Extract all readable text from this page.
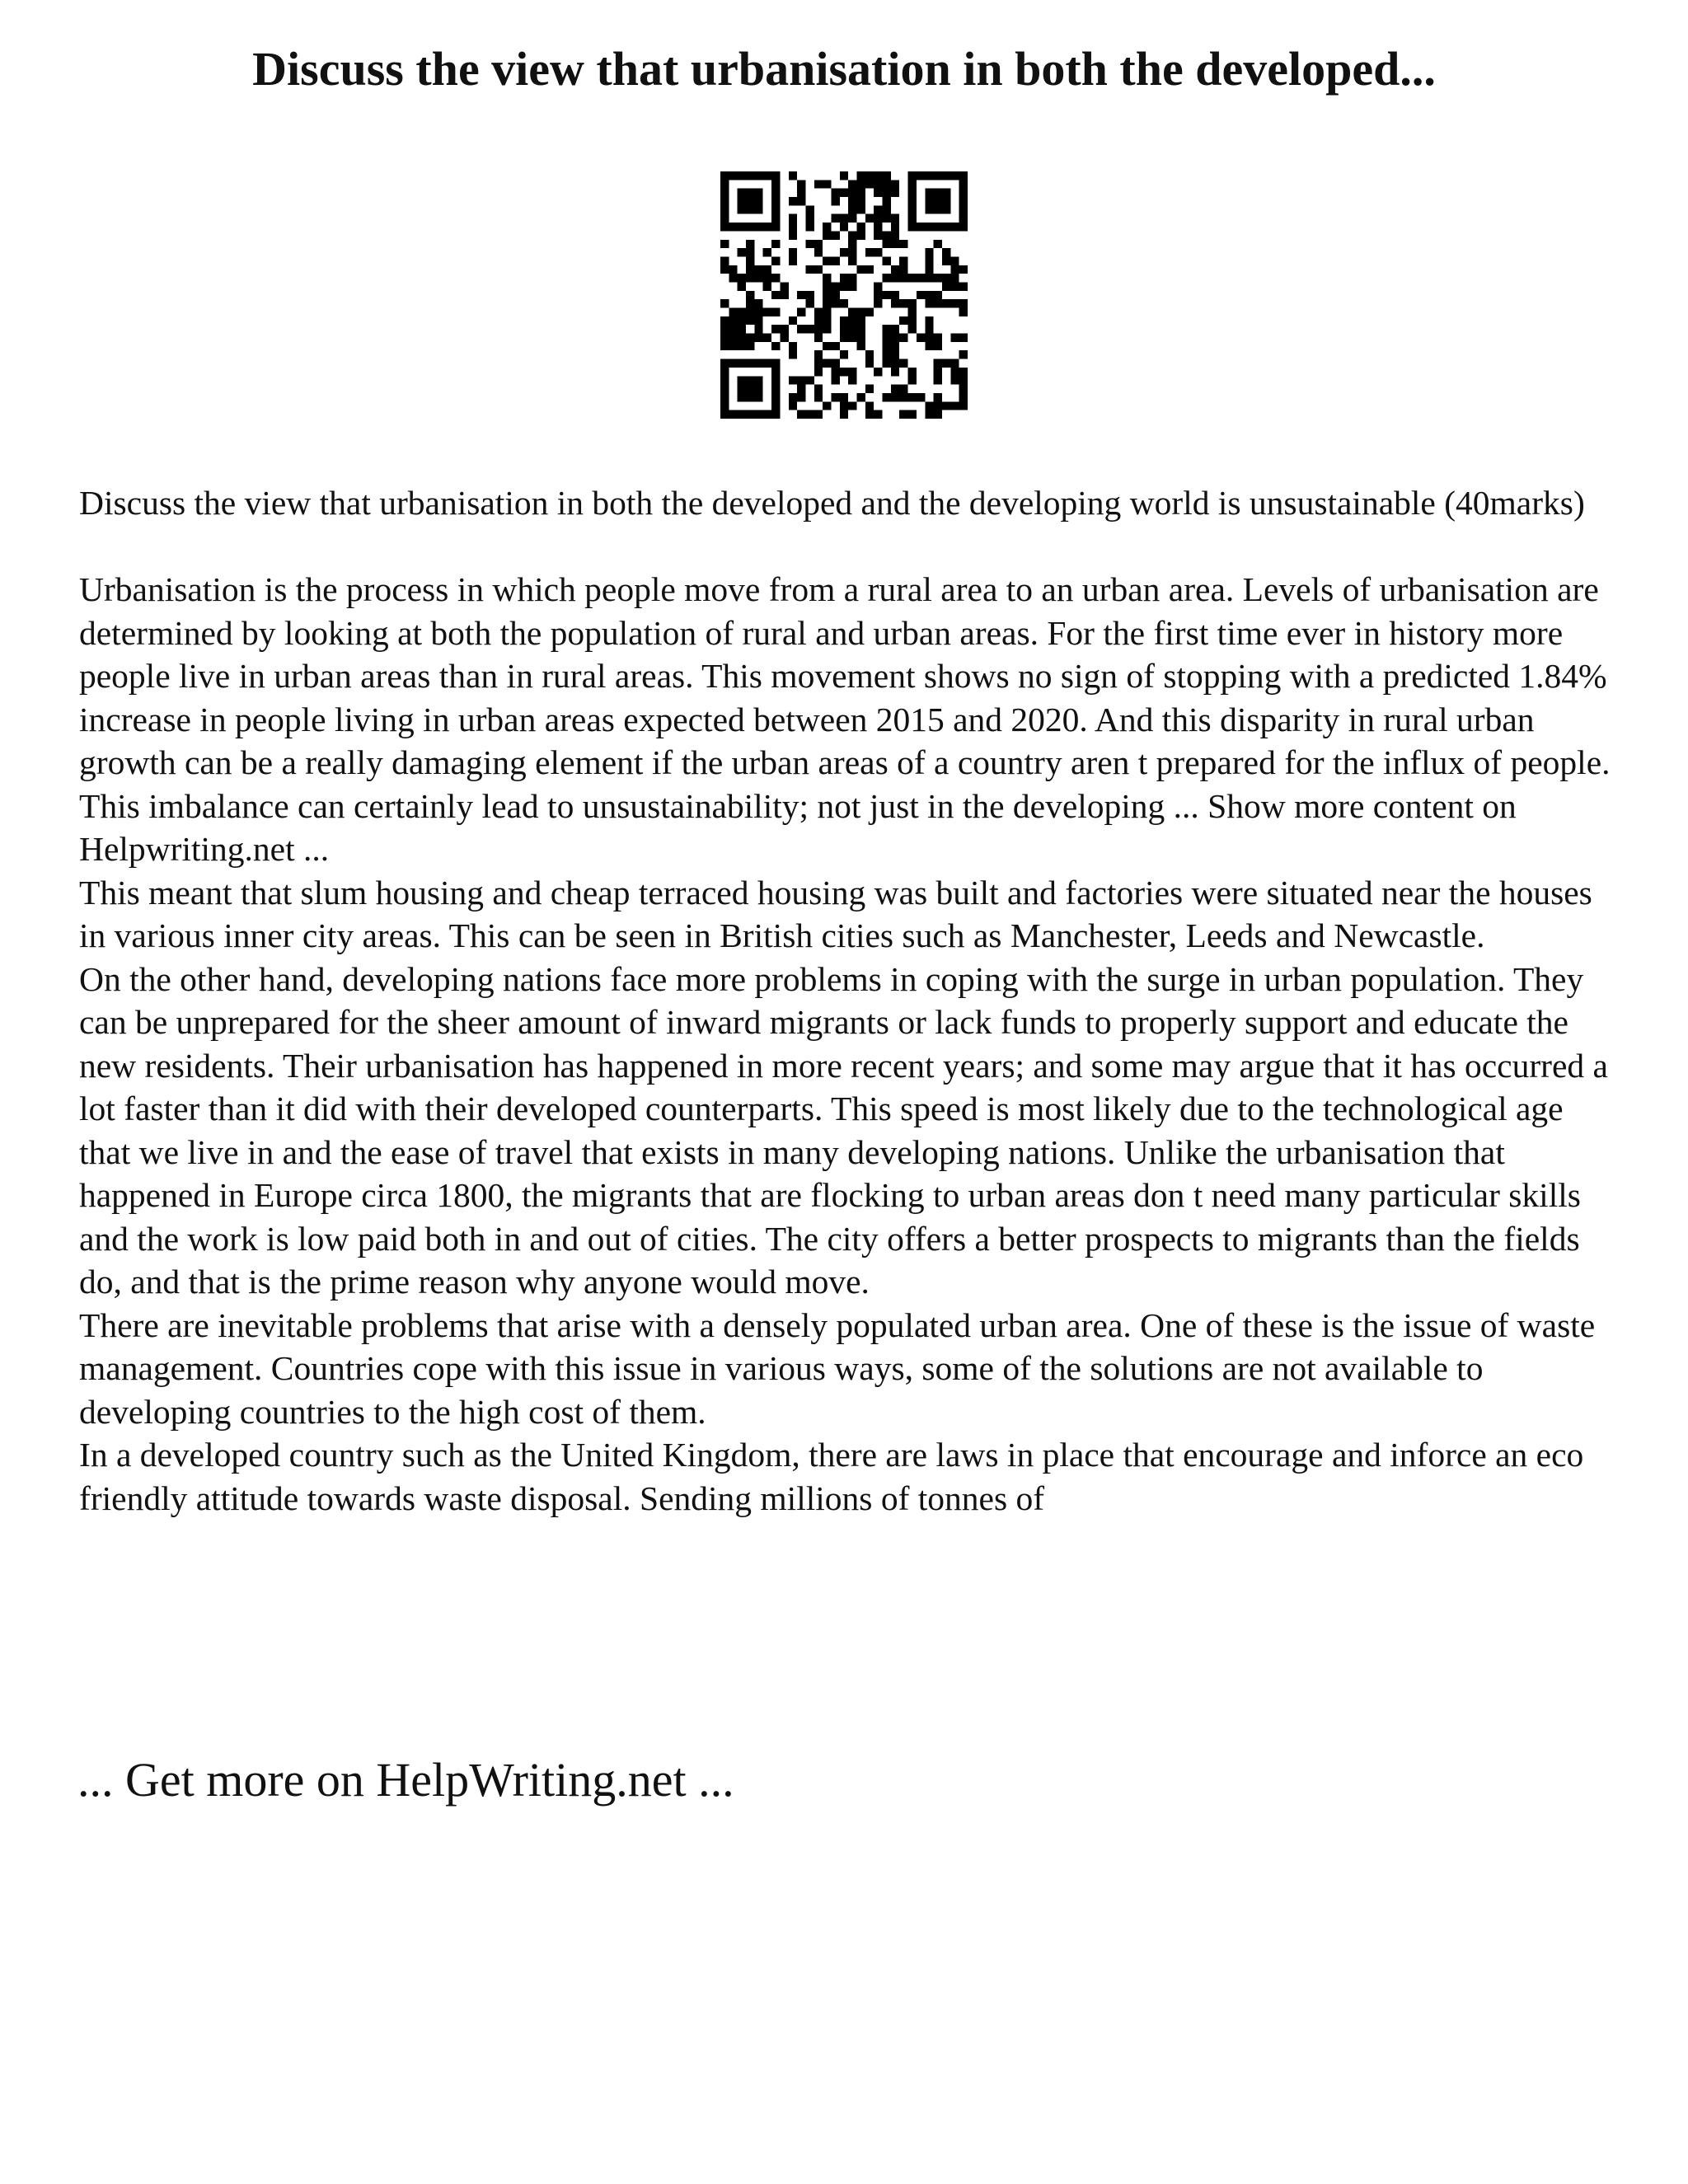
Discuss the view that urbanisation in both the developed...

Discuss the view that urbanisation in both the developed and the developing world is unsustainable (40marks)

Urbanisation is the process in which people move from a rural area to an urban area. Levels of urbanisation are determined by looking at both the population of rural and urban areas. For the first time ever in history more people live in urban areas than in rural areas. This movement shows no sign of stopping with a predicted 1.84% increase in people living in urban areas expected between 2015 and 2020. And this disparity in rural urban growth can be a really damaging element if the urban areas of a country aren t prepared for the influx of people.

This imbalance can certainly lead to unsustainability; not just in the developing ... Show more content on Helpwriting.net ...

This meant that slum housing and cheap terraced housing was built and factories were situated near the houses in various inner city areas. This can be seen in British cities such as Manchester, Leeds and Newcastle.

On the other hand, developing nations face more problems in coping with the surge in urban population. They can be unprepared for the sheer amount of inward migrants or lack funds to properly support and educate the new residents. Their urbanisation has happened in more recent years; and some may argue that it has occurred a lot faster than it did with their developed counterparts. This speed is most likely due to the technological age that we live in and the ease of travel that exists in many developing nations. Unlike the urbanisation that happened in Europe circa 1800, the migrants that are flocking to urban areas don t need many particular skills and the work is low paid both in and out of cities. The city offers a better prospects to migrants than the fields do, and that is the prime reason why anyone would move.

There are inevitable problems that arise with a densely populated urban area. One of these is the issue of waste management. Countries cope with this issue in various ways, some of the solutions are not available to developing countries to the high cost of them.

In a developed country such as the United Kingdom, there are laws in place that encourage and inforce an eco friendly attitude towards waste disposal. Sending millions of tonnes of

... Get more on HelpWriting.net ...
